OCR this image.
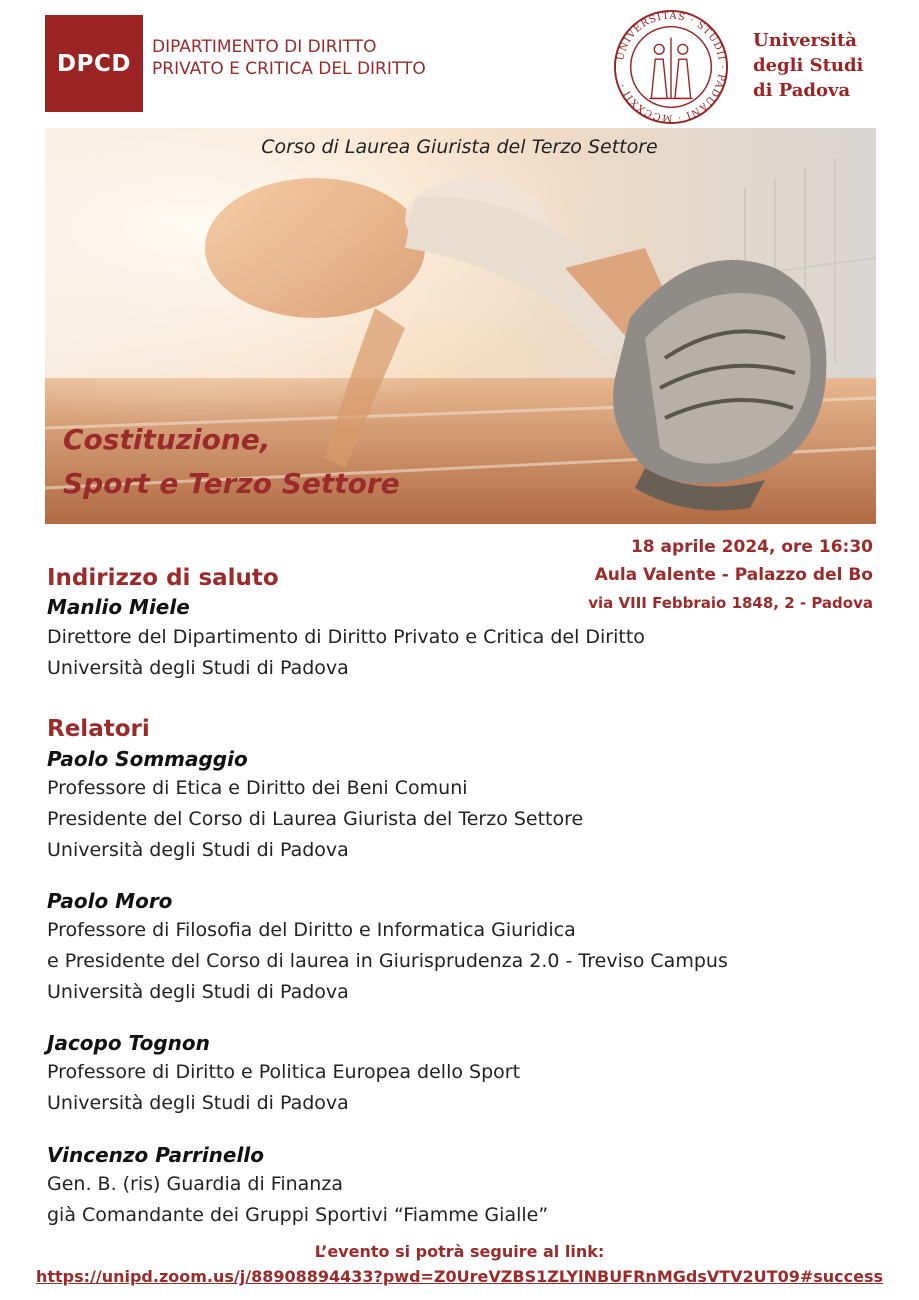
DPCD
DIPARTIMENTO DI DIRITTO
PRIVATO E CRITICA DEL DIRITTO
UNIVERSITAS · STUDII · PADUANI · MCCXXII ·
Università
degli Studi
di Padova
Corso di Laurea Giurista del Terzo Settore
Costituzione,
Sport e Terzo Settore
18 aprile 2024, ore 16:30
Aula Valente - Palazzo del Bo
via VIII Febbraio 1848, 2 - Padova
Indirizzo di saluto
Manlio Miele
Direttore del Dipartimento di Diritto Privato e Critica del Diritto
Università degli Studi di Padova
Relatori
Paolo Sommaggio
Professore di Etica e Diritto dei Beni Comuni
Presidente del Corso di Laurea Giurista del Terzo Settore
Università degli Studi di Padova
Paolo Moro
Professore di Filosofia del Diritto e Informatica Giuridica
e Presidente del Corso di laurea in Giurisprudenza 2.0 - Treviso Campus
Università degli Studi di Padova
Jacopo Tognon
Professore di Diritto e Politica Europea dello Sport
Università degli Studi di Padova
Vincenzo Parrinello
Gen. B. (ris) Guardia di Finanza
già Comandante dei Gruppi Sportivi “Fiamme Gialle”
L’evento si potrà seguire al link:
https://unipd.zoom.us/j/88908894433?pwd=Z0UreVZBS1ZLYlNBUFRnMGdsVTV2UT09#success
